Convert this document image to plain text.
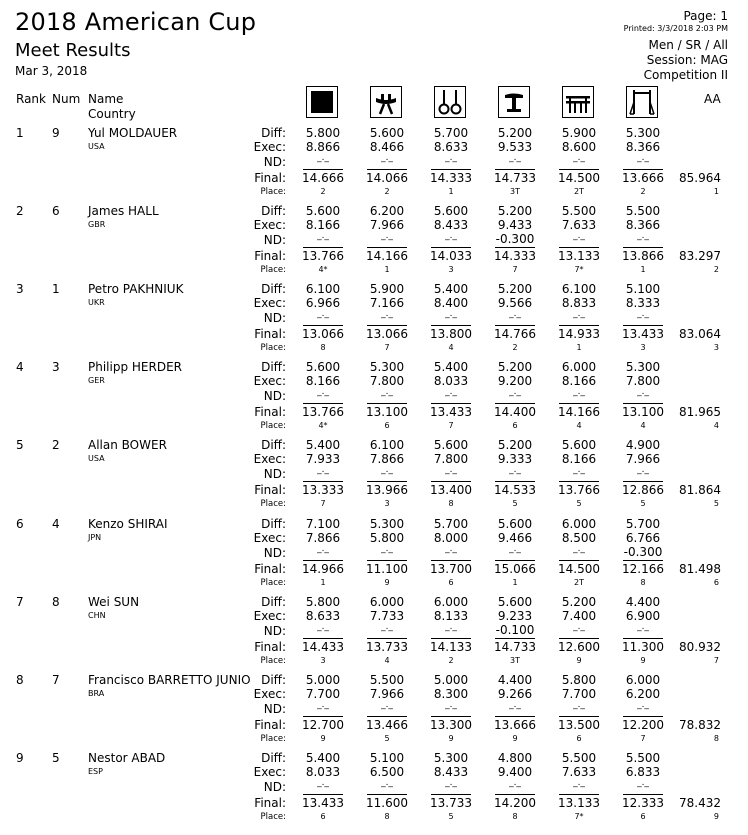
2018 American Cup
Meet Results
Mar 3, 2018
Page: 1
Printed: 3/3/2018 2:03 PM
Men / SR / All
Session: MAG
Competition II
Rank Num Name
Country
AA
1 9 Yul MOLDAUER
USA
Diff:
Exec:
ND:
Final:
Place:
5.800
8.866
_._
14.666
2
5.600
8.466
_._
14.066
2
5.700
8.633
_._
14.333
1
5.200
9.533
_._
14.733
3T
5.900
8.600
_._
14.500
2T
5.300
8.366
_._
13.666
2
85.964
1
2 6 James HALL
GBR
Diff:
Exec:
ND:
Final:
Place:
5.600
8.166
_._
13.766
4*
6.200
7.966
_._
14.166
1
5.600
8.433
_._
14.033
3
5.200
9.433
-0.300
14.333
7
5.500
7.633
_._
13.133
7*
5.500
8.366
_._
13.866
1
83.297
2
3 1 Petro PAKHNIUK
UKR
Diff:
Exec:
ND:
Final:
Place:
6.100
6.966
_._
13.066
8
5.900
7.166
_._
13.066
7
5.400
8.400
_._
13.800
4
5.200
9.566
_._
14.766
2
6.100
8.833
_._
14.933
1
5.100
8.333
_._
13.433
3
83.064
3
4 3 Philipp HERDER
GER
Diff:
Exec:
ND:
Final:
Place:
5.600
8.166
_._
13.766
4*
5.300
7.800
_._
13.100
6
5.400
8.033
_._
13.433
7
5.200
9.200
_._
14.400
6
6.000
8.166
_._
14.166
4
5.300
7.800
_._
13.100
4
81.965
4
5 2 Allan BOWER
USA
Diff:
Exec:
ND:
Final:
Place:
5.400
7.933
_._
13.333
7
6.100
7.866
_._
13.966
3
5.600
7.800
_._
13.400
8
5.200
9.333
_._
14.533
5
5.600
8.166
_._
13.766
5
4.900
7.966
_._
12.866
5
81.864
5
6 4 Kenzo SHIRAI
JPN
Diff:
Exec:
ND:
Final:
Place:
7.100
7.866
_._
14.966
1
5.300
5.800
_._
11.100
9
5.700
8.000
_._
13.700
6
5.600
9.466
_._
15.066
1
6.000
8.500
_._
14.500
2T
5.700
6.766
-0.300
12.166
8
81.498
6
7 8 Wei SUN
CHN
Diff:
Exec:
ND:
Final:
Place:
5.800
8.633
_._
14.433
3
6.000
7.733
_._
13.733
4
6.000
8.133
_._
14.133
2
5.600
9.233
-0.100
14.733
3T
5.200
7.400
_._
12.600
9
4.400
6.900
_._
11.300
9
80.932
7
8 7 Francisco BARRETTO JUNIO
BRA
Diff:
Exec:
ND:
Final:
Place:
5.000
7.700
_._
12.700
9
5.500
7.966
_._
13.466
5
5.000
8.300
_._
13.300
9
4.400
9.266
_._
13.666
9
5.800
7.700
_._
13.500
6
6.000
6.200
_._
12.200
7
78.832
8
9 5 Nestor ABAD
ESP
Diff:
Exec:
ND:
Final:
Place:
5.400
8.033
_._
13.433
6
5.100
6.500
_._
11.600
8
5.300
8.433
_._
13.733
5
4.800
9.400
_._
14.200
8
5.500
7.633
_._
13.133
7*
5.500
6.833
_._
12.333
6
78.432
9
